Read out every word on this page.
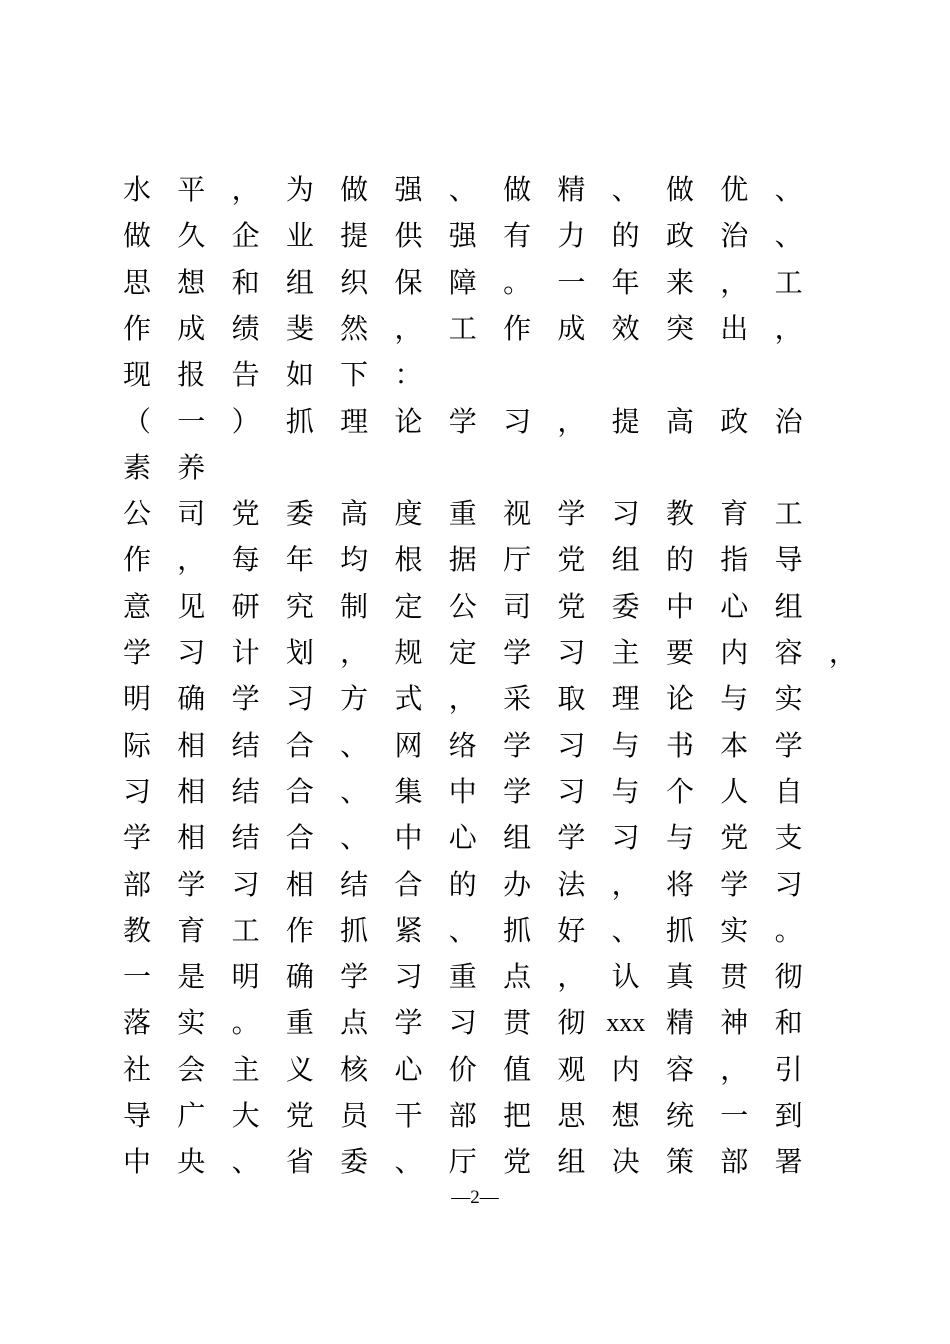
水 平 ， 为 做 强 、 做 精 、 做 优 、
做 久 企 业 提 供 强 有 力 的 政 治 、
思 想 和 组 织 保 障 。 一 年 来 ， 工
作 成 绩 斐 然 ， 工 作 成 效 突 出 ，
现 报 告 如 下 ：
（ 一 ） 抓 理 论 学 习 ， 提 高 政 治
素 养
公 司 党 委 高 度 重 视 学 习 教 育 工
作 ， 每 年 均 根 据 厅 党 组 的 指 导
意 见 研 究 制 定 公 司 党 委 中 心 组
学 习 计 划 ， 规 定 学 习 主 要 内 容 ，
明 确 学 习 方 式 ， 采 取 理 论 与 实
际 相 结 合 、 网 络 学 习 与 书 本 学
习 相 结 合 、 集 中 学 习 与 个 人 自
学 相 结 合 、 中 心 组 学 习 与 党 支
部 学 习 相 结 合 的 办 法 ， 将 学 习
教 育 工 作 抓 紧 、 抓 好 、 抓 实 。
一 是 明 确 学 习 重 点 ， 认 真 贯 彻
落 实 。 重 点 学 习 贯 彻 xxx 精 神 和
社 会 主 义 核 心 价 值 观 内 容 ， 引
导 广 大 党 员 干 部 把 思 想 统 一 到
中 央 、 省 委 、 厅 党 组 决 策 部 署
—2—
